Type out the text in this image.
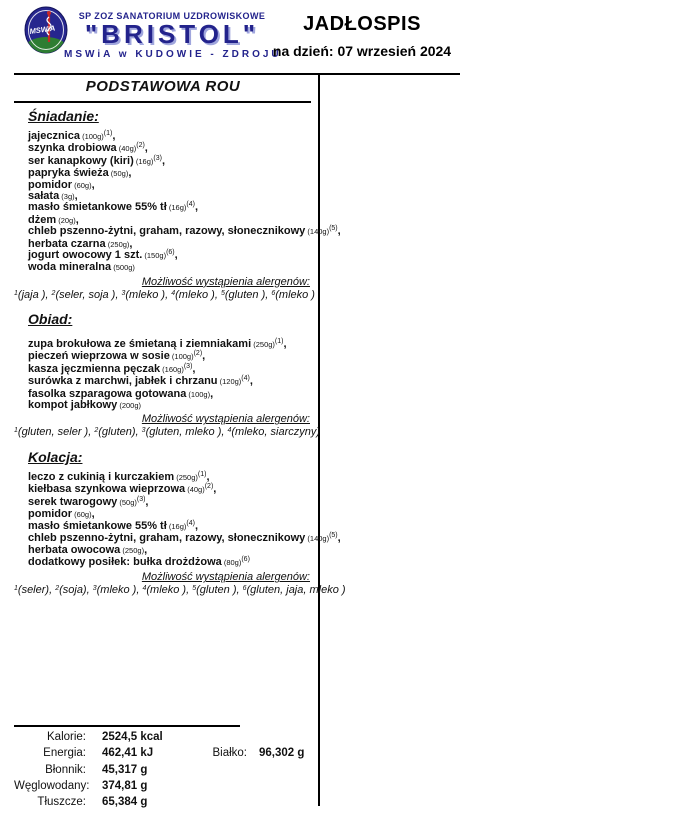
MSWiA
SP ZOZ SANATORIUM UZDROWISKOWE
"BRISTOL"
MSWiA w KUDOWIE - ZDROJU
JADŁOSPIS
na dzień: 07 wrzesień 2024
PODSTAWOWA ROU
Śniadanie:
jajecznica $(100g)^{(1)}$,
szynka drobiowa $(40g)^{(2)}$,
ser kanapkowy (kiri) $(16g)^{(3)}$,
papryka świeża (50g),
pomidor (60g),
sałata (3g),
masło śmietankowe 55% tł $(16g)^{(4)}$,
dżem (20g),
chleb pszenno-żytni, graham, razowy, słonecznikowy $(140g)^{(5)}$,
herbata czarna (250g),
jogurt owocowy 1 szt. $(150g)^{(6)}$,
woda mineralna (500g)
Możliwość wystąpienia alergenów:
$^1$(jaja ), $^2$(seler, soja ), $^3$(mleko ), $^4$(mleko ), $^5$(gluten ), $^6$(mleko )
Obiad:
zupa brokułowa ze śmietaną i ziemniakami $(250g)^{(1)}$,
pieczeń wieprzowa w sosie $(100g)^{(2)}$,
kasza jęczmienna pęczak $(160g)^{(3)}$,
surówka z marchwi, jabłek i chrzanu $(120g)^{(4)}$,
fasolka szparagowa gotowana (100g),
kompot jabłkowy (200g)
Możliwość wystąpienia alergenów:
$^1$(gluten, seler ), $^2$(gluten), $^3$(gluten, mleko ), $^4$(mleko, siarczyny)
Kolacja:
leczo z cukinią i kurczakiem $(250g)^{(1)}$,
kiełbasa szynkowa wieprzowa $(40g)^{(2)}$,
serek twarogowy $(50g)^{(3)}$,
pomidor (60g),
masło śmietankowe 55% tł $(16g)^{(4)}$,
chleb pszenno-żytni, graham, razowy, słonecznikowy $(140g)^{(5)}$,
herbata owocowa (250g),
dodatkowy posiłek: bułka drożdżowa $(80g)^{(6)}$
Możliwość wystąpienia alergenów:
$^1$(seler), $^2$(soja), $^3$(mleko ), $^4$(mleko ), $^5$(gluten ), $^6$(gluten, jaja, mleko )
Kalorie: 2524,5 kcal
Energia: 462,41 kJ	Białko: 96,302 g
Błonnik: 45,317 g
Węglowodany: 374,81 g
Tłuszcze: 65,384 g
